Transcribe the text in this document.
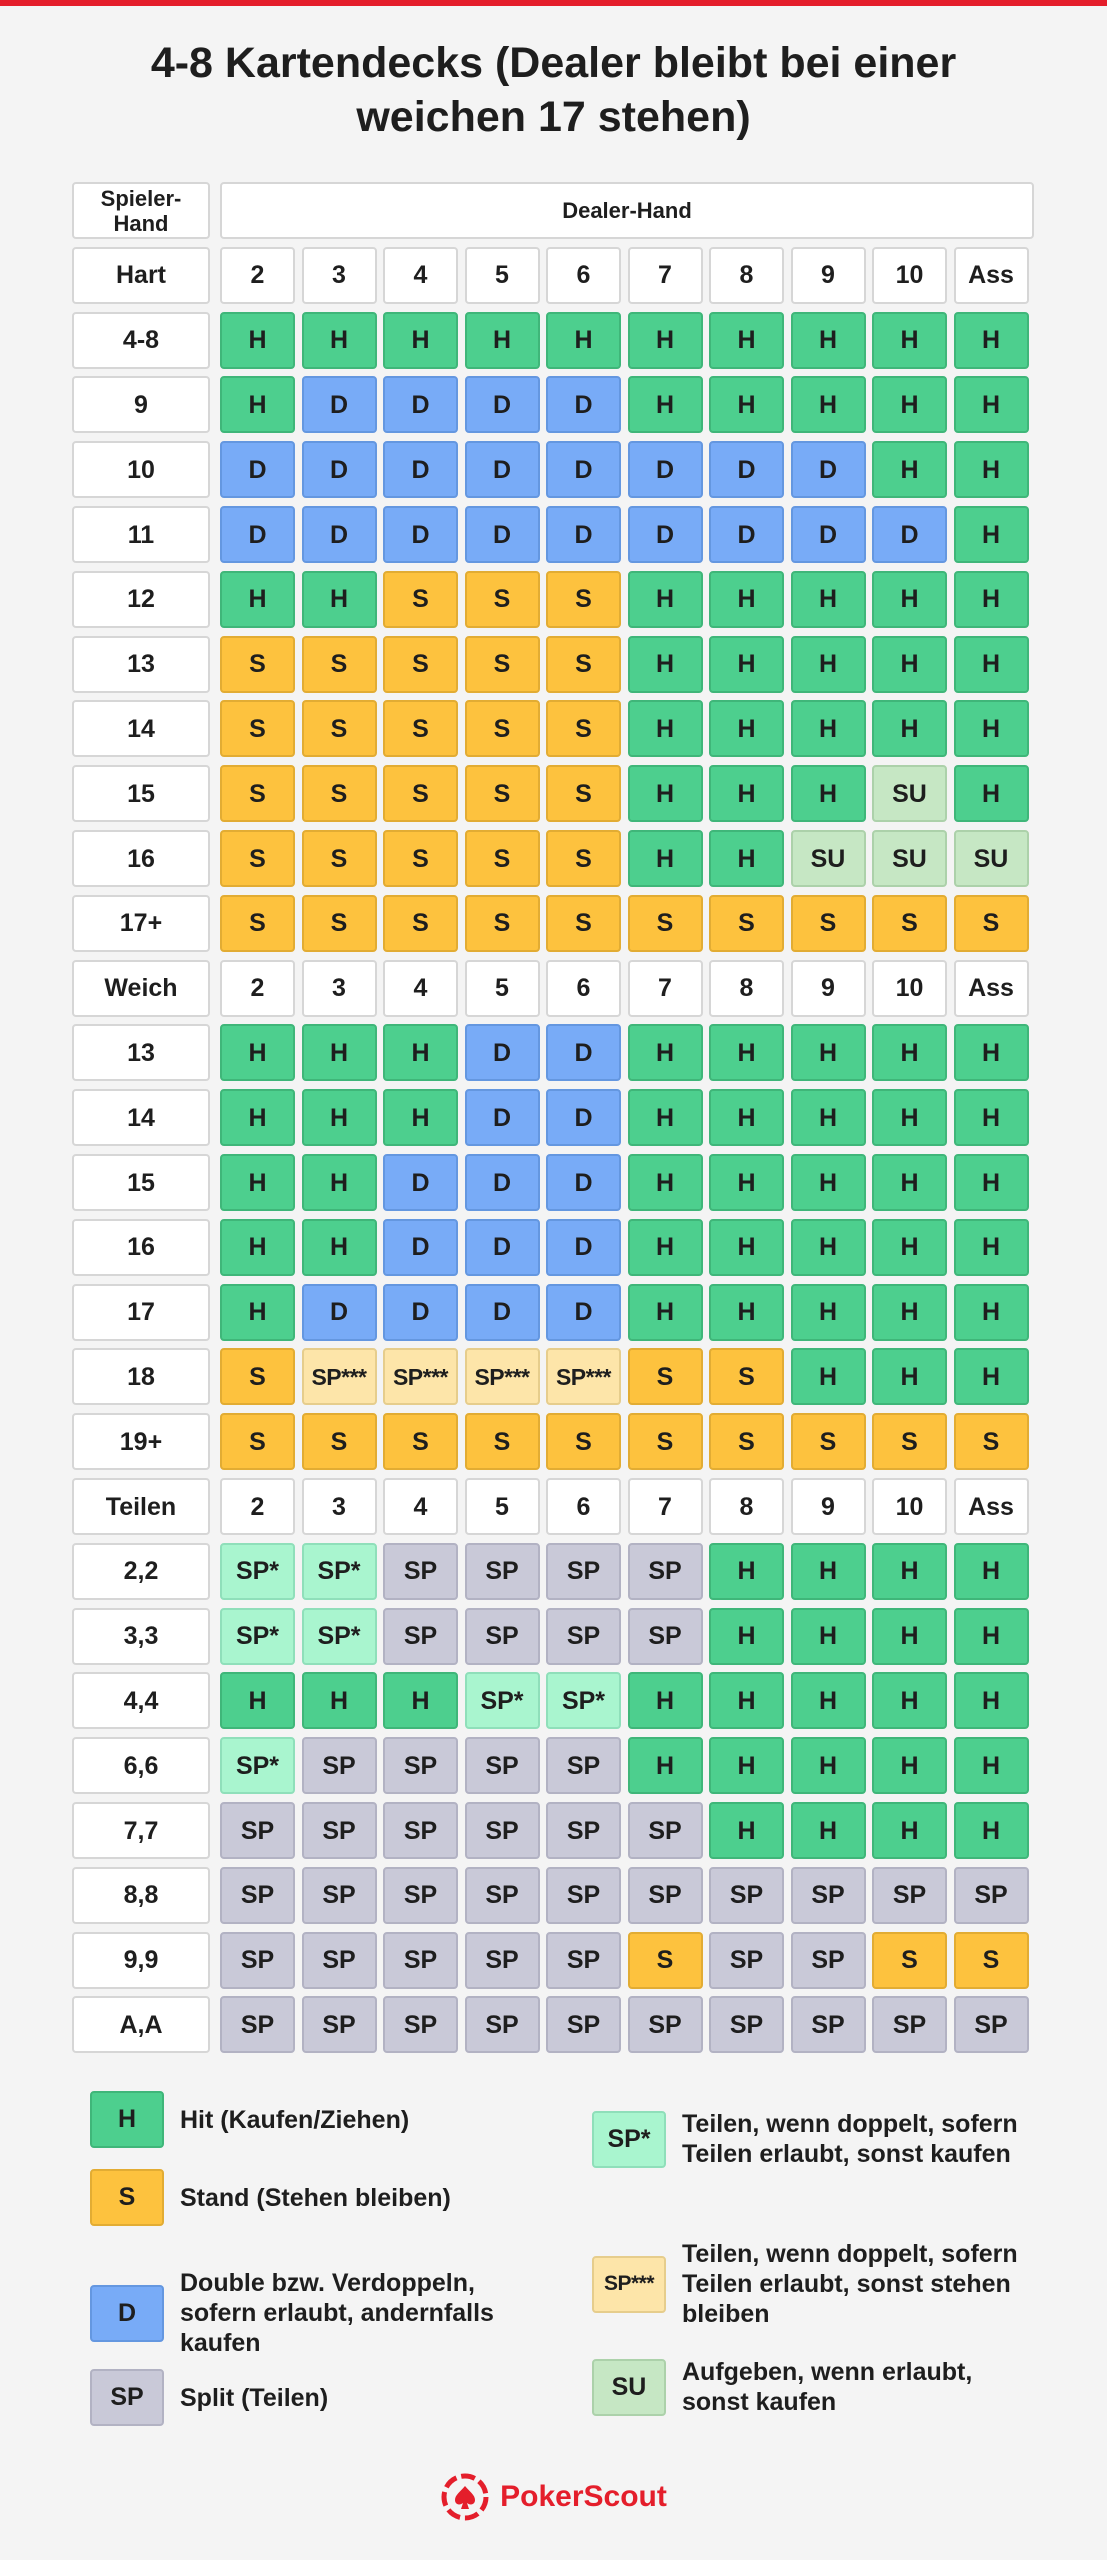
4-8 Kartendecks (Dealer bleibt bei einer
weichen 17 stehen)
Spieler-
Hand
Dealer-Hand
Hart	2	3	4	5	6	7	8	9	10	Ass
4-8	H	H	H	H	H	H	H	H	H	H
9	H	D	D	D	D	H	H	H	H	H
10	D	D	D	D	D	D	D	D	H	H
11	D	D	D	D	D	D	D	D	D	H
12	H	H	S	S	S	H	H	H	H	H
13	S	S	S	S	S	H	H	H	H	H
14	S	S	S	S	S	H	H	H	H	H
15	S	S	S	S	S	H	H	H	SU	H
16	S	S	S	S	S	H	H	SU	SU	SU
17+	S	S	S	S	S	S	S	S	S	S
Weich	2	3	4	5	6	7	8	9	10	Ass
13	H	H	H	D	D	H	H	H	H	H
14	H	H	H	D	D	H	H	H	H	H
15	H	H	D	D	D	H	H	H	H	H
16	H	H	D	D	D	H	H	H	H	H
17	H	D	D	D	D	H	H	H	H	H
18	S	SP***	SP***	SP***	SP***	S	S	H	H	H
19+	S	S	S	S	S	S	S	S	S	S
Teilen	2	3	4	5	6	7	8	9	10	Ass
2,2	SP*	SP*	SP	SP	SP	SP	H	H	H	H
3,3	SP*	SP*	SP	SP	SP	SP	H	H	H	H
4,4	H	H	H	SP*	SP*	H	H	H	H	H
6,6	SP*	SP	SP	SP	SP	H	H	H	H	H
7,7	SP	SP	SP	SP	SP	SP	H	H	H	H
8,8	SP	SP	SP	SP	SP	SP	SP	SP	SP	SP
9,9	SP	SP	SP	SP	SP	S	SP	SP	S	S
A,A	SP	SP	SP	SP	SP	SP	SP	SP	SP	SP
H	Hit (Kaufen/Ziehen)
S	Stand (Stehen bleiben)
D
Double bzw. Verdoppeln, sofern erlaubt, andernfalls kaufen
SP	Split (Teilen)
SP*
Teilen, wenn doppelt, sofern Teilen erlaubt, sonst kaufen
SP***
Teilen, wenn doppelt, sofern Teilen erlaubt, sonst stehen bleiben
SU
Aufgeben, wenn erlaubt, sonst kaufen
PokerScout
